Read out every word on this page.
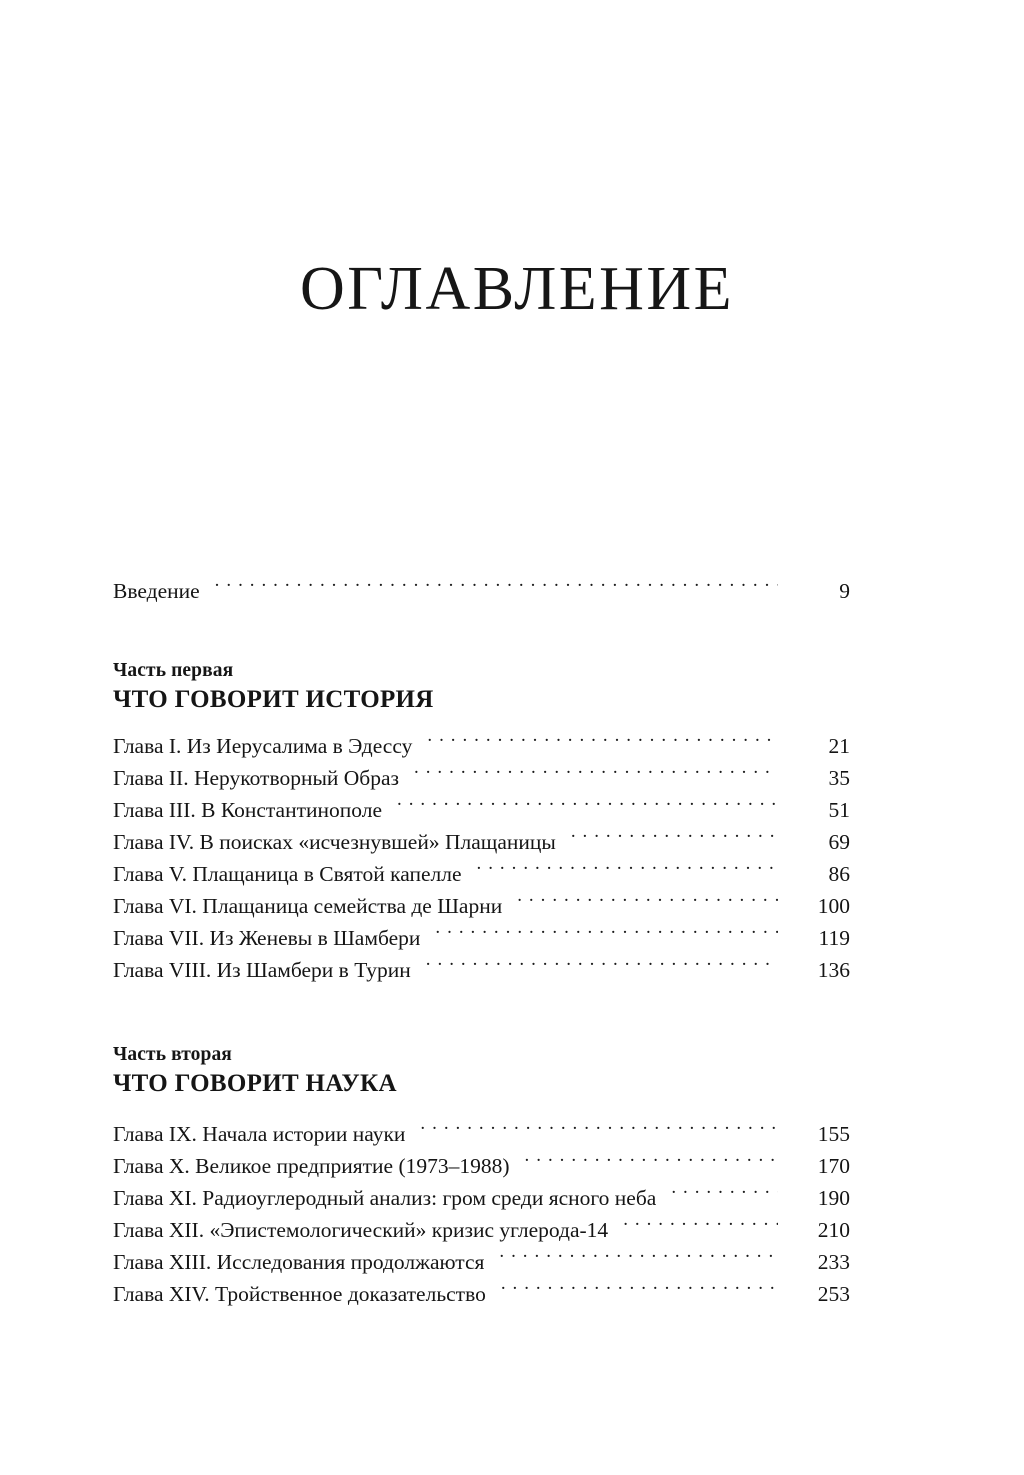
ОГЛАВЛЕНИЕ
Введение . . .	9
Часть первая
ЧТО ГОВОРИТ ИСТОРИЯ
Глава I. Из Иерусалима в Эдессу . . .	21
Глава II. Нерукотворный Образ . . .	35
Глава III. В Константинополе . . .	51
Глава IV. В поисках «исчезнувшей» Плащаницы . . .	69
Глава V. Плащаница в Святой капелле . . .	86
Глава VI. Плащаница семейства де Шарни . . .	100
Глава VII. Из Женевы в Шамбери . . .	119
Глава VIII. Из Шамбери в Турин . . .	136
Часть вторая
ЧТО ГОВОРИТ НАУКА
Глава IX. Начала истории науки . . .	155
Глава X. Великое предприятие (1973–1988) . . .	170
Глава XI. Радиоуглеродный анализ: гром среди ясного неба . . .	190
Глава XII. «Эпистемологический» кризис углерода-14 . . .	210
Глава XIII. Исследования продолжаются . . .	233
Глава XIV. Тройственное доказательство . . .	253
